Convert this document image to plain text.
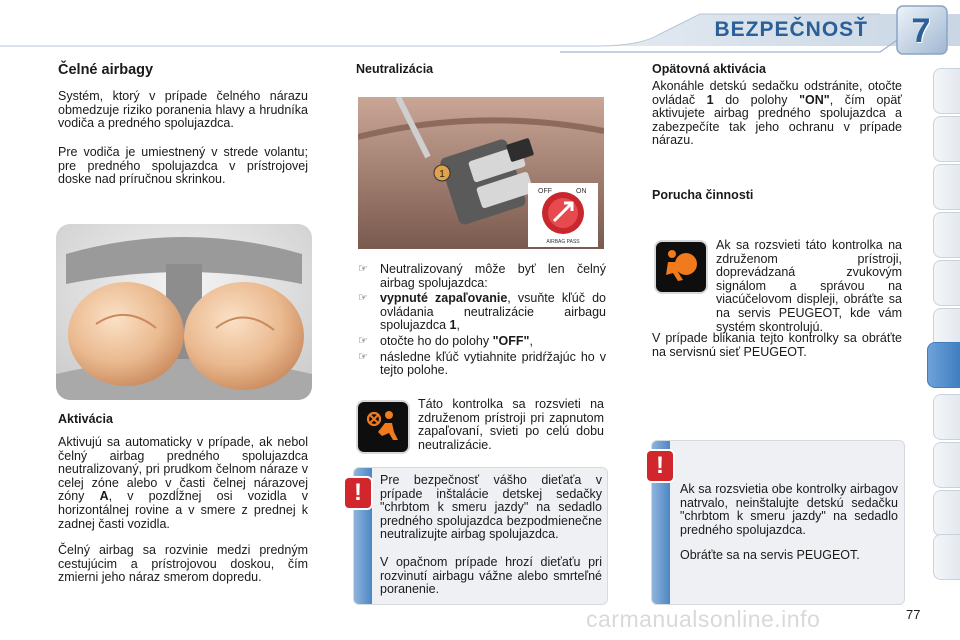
BEZPEČNOSŤ	7
Čelné airbagy

Systém, ktorý v prípade čelného nárazu obmedzuje riziko poranenia hlavy a hrudníka vodiča a predného spolujazdca.

Pre vodiča je umiestnený v strede volantu; pre predného spolujazdca v prístrojovej doske nad príručnou skrinkou.

Aktivácia

Aktivujú sa automaticky v prípade, ak nebol čelný airbag predného spolujazdca neutralizovaný, pri prudkom čelnom náraze v celej zóne alebo v časti čelnej nárazovej zóny A, v pozdĺžnej osi vozidla v horizontálnej rovine a v smere z prednej k zadnej časti vozidla.

Čelný airbag sa rozvinie medzi predným cestujúcim a prístrojovou doskou, čím zmierni jeho náraz smerom dopredu.

Neutralizácia
1
OFF	ON
AIRBAG PASS
☞ Neutralizovaný môže byť len čelný airbag spolujazdca:
☞ vypnuté zapaľovanie, vsuňte kľúč do ovládania neutralizácie airbagu spolujazdca 1,
☞ otočte ho do polohy "OFF",
☞ následne kľúč vytiahnite pridŕžajúc ho v tejto polohe.

Táto kontrolka sa rozsvieti na združenom prístroji pri zapnutom zapaľovaní, svieti po celú dobu neutralizácie.

Pre bezpečnosť vášho dieťaťa v prípade inštalácie detskej sedačky "chrbtom k smeru jazdy" na sedadlo predného spolujazdca bezpodmienečne neutralizujte airbag spolujazdca.

V opačnom prípade hrozí dieťaťu pri rozvinutí airbagu vážne alebo smrteľné poranenie.

!
Opätovná aktivácia

Akonáhle detskú sedačku odstránite, otočte ovládač 1 do polohy "ON", čím opäť aktivujete airbag predného spolujazdca a zabezpečíte tak jeho ochranu v prípade nárazu.

Porucha činnosti

Ak sa rozsvieti táto kontrolka na združenom prístroji, doprevádzaná zvukovým signálom a správou na viacúčelovom displeji, obráťte sa na servis PEUGEOT, kde vám systém skontrolujú.

V prípade blikania tejto kontrolky sa obráťte na servisnú sieť PEUGEOT.

Ak sa rozsvietia obe kontrolky airbagov natrvalo, neinštalujte detskú sedačku "chrbtom k smeru jazdy" na sedadlo predného spolujazdca.

Obráťte sa na servis PEUGEOT.

!
carmanualsonline.info	77
